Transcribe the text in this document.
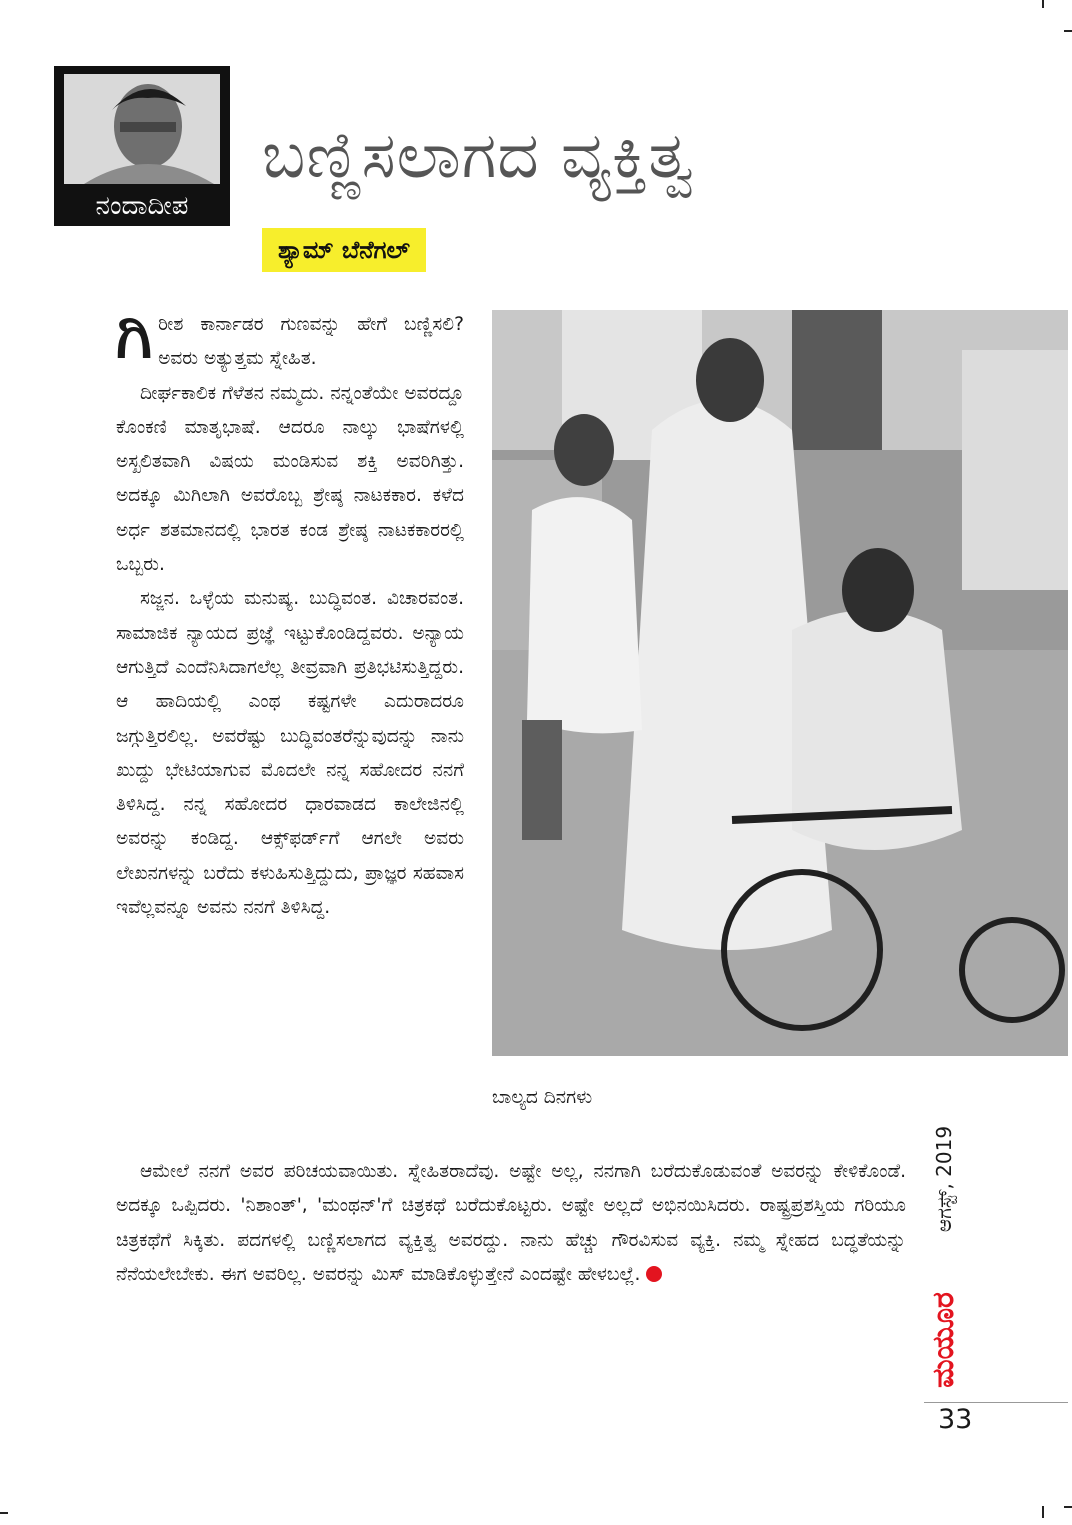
ನಂದಾದೀಪ
ಬಣ್ಣಿಸಲಾಗದ ವ್ಯಕ್ತಿತ್ವ
ಶ್ಯಾಮ್ ಬೆನೆಗಲ್

ಗಿರೀಶ ಕಾರ್ನಾಡರ ಗುಣವನ್ನು ಹೇಗೆ ಬಣ್ಣಿಸಲಿ? ಅವರು ಅತ್ಯುತ್ತಮ ಸ್ನೇಹಿತ.

ದೀರ್ಘಕಾಲಿಕ ಗೆಳೆತನ ನಮ್ಮದು. ನನ್ನಂತೆಯೇ ಅವರದ್ದೂ ಕೊಂಕಣಿ ಮಾತೃಭಾಷೆ. ಆದರೂ ನಾಲ್ಕು ಭಾಷೆಗಳಲ್ಲಿ ಅಸ್ಖಲಿತವಾಗಿ ವಿಷಯ ಮಂಡಿಸುವ ಶಕ್ತಿ ಅವರಿಗಿತ್ತು. ಅದಕ್ಕೂ ಮಿಗಿಲಾಗಿ ಅವರೊಬ್ಬ ಶ್ರೇಷ್ಠ ನಾಟಕಕಾರ. ಕಳೆದ ಅರ್ಧ ಶತಮಾನದಲ್ಲಿ ಭಾರತ ಕಂಡ ಶ್ರೇಷ್ಠ ನಾಟಕಕಾರರಲ್ಲಿ ಒಬ್ಬರು.

ಸಜ್ಜನ. ಒಳ್ಳೆಯ ಮನುಷ್ಯ. ಬುದ್ಧಿವಂತ. ವಿಚಾರವಂತ. ಸಾಮಾಜಿಕ ನ್ಯಾಯದ ಪ್ರಜ್ಞೆ ಇಟ್ಟುಕೊಂಡಿದ್ದವರು. ಅನ್ಯಾಯ ಆಗುತ್ತಿದೆ ಎಂದೆನಿಸಿದಾಗಲೆಲ್ಲ ತೀವ್ರವಾಗಿ ಪ್ರತಿಭಟಿಸುತ್ತಿದ್ದರು. ಆ ಹಾದಿಯಲ್ಲಿ ಎಂಥ ಕಷ್ಟಗಳೇ ಎದುರಾದರೂ ಜಗ್ಗುತ್ತಿರಲಿಲ್ಲ. ಅವರೆಷ್ಟು ಬುದ್ಧಿವಂತರೆನ್ನುವುದನ್ನು ನಾನು ಖುದ್ದು ಭೇಟಿಯಾಗುವ ಮೊದಲೇ ನನ್ನ ಸಹೋದರ ನನಗೆ ತಿಳಿಸಿದ್ದ. ನನ್ನ ಸಹೋದರ ಧಾರವಾಡದ ಕಾಲೇಜಿನಲ್ಲಿ ಅವರನ್ನು ಕಂಡಿದ್ದ. ಆಕ್ಸ್‌ಫರ್ಡ್‌ಗೆ ಆಗಲೇ ಅವರು ಲೇಖನಗಳನ್ನು ಬರೆದು ಕಳುಹಿಸುತ್ತಿದ್ದುದು, ಪ್ರಾಜ್ಞರ ಸಹವಾಸ ಇವೆಲ್ಲವನ್ನೂ ಅವನು ನನಗೆ ತಿಳಿಸಿದ್ದ.

ಬಾಲ್ಯದ ದಿನಗಳು

ಆಮೇಲೆ ನನಗೆ ಅವರ ಪರಿಚಯವಾಯಿತು. ಸ್ನೇಹಿತರಾದೆವು. ಅಷ್ಟೇ ಅಲ್ಲ, ನನಗಾಗಿ ಬರೆದುಕೊಡುವಂತೆ ಅವರನ್ನು ಕೇಳಿಕೊಂಡೆ. ಅದಕ್ಕೂ ಒಪ್ಪಿದರು. 'ನಿಶಾಂತ್', 'ಮಂಥನ್'ಗೆ ಚಿತ್ರಕಥೆ ಬರೆದುಕೊಟ್ಟರು. ಅಷ್ಟೇ ಅಲ್ಲದೆ ಅಭಿನಯಿಸಿದರು. ರಾಷ್ಟ್ರಪ್ರಶಸ್ತಿಯ ಗರಿಯೂ ಚಿತ್ರಕಥೆಗೆ ಸಿಕ್ಕಿತು. ಪದಗಳಲ್ಲಿ ಬಣ್ಣಿಸಲಾಗದ ವ್ಯಕ್ತಿತ್ವ ಅವರದ್ದು. ನಾನು ಹೆಚ್ಚು ಗೌರವಿಸುವ ವ್ಯಕ್ತಿ. ನಮ್ಮ ಸ್ನೇಹದ ಬದ್ಧತೆಯನ್ನು ನೆನೆಯಲೇಬೇಕು. ಈಗ ಅವರಿಲ್ಲ. ಅವರನ್ನು ಮಿಸ್ ಮಾಡಿಕೊಳ್ಳುತ್ತೇನೆ ಎಂದಷ್ಟೇ ಹೇಳಬಲ್ಲೆ.

ಆಗಸ್ಟ್, 2019
ಮಯೂರ
33
